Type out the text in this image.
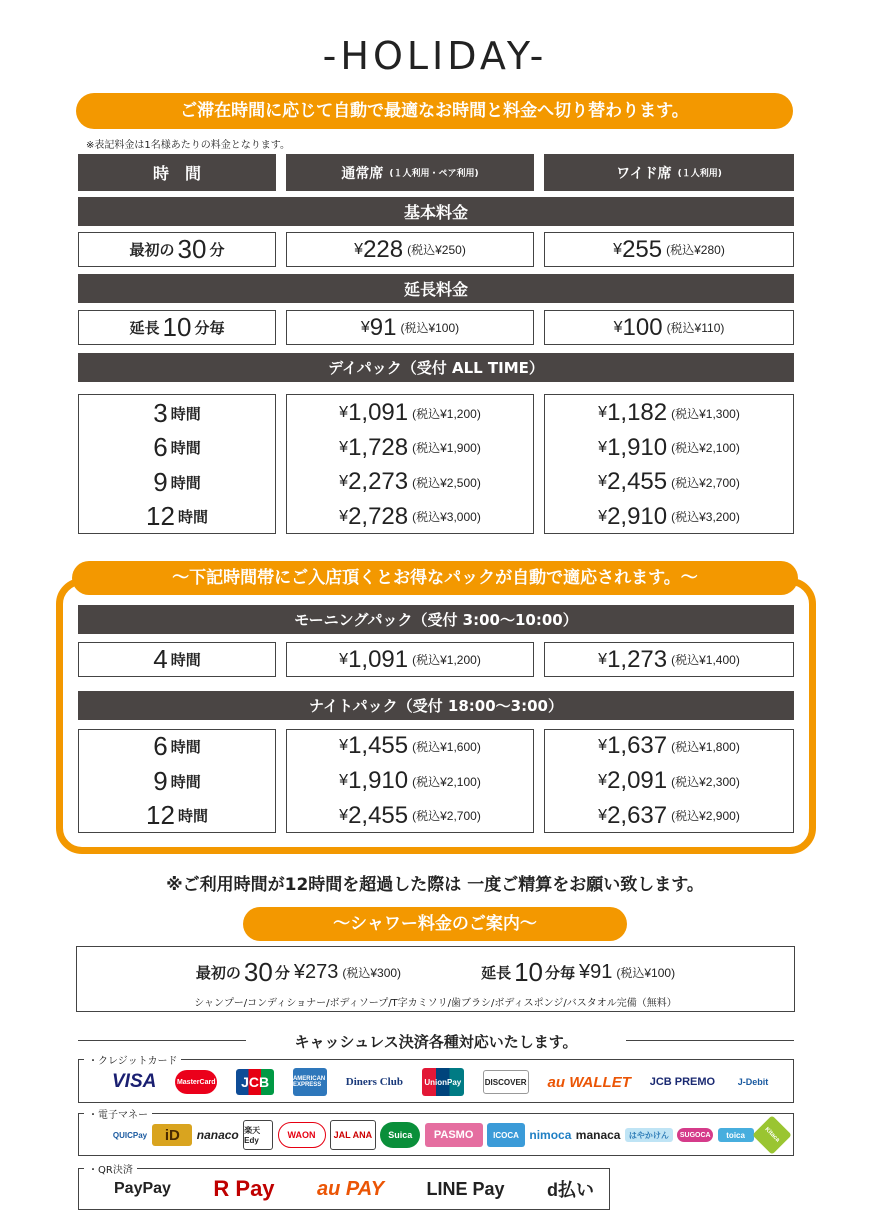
-HOLIDAY-
ご滞在時間に応じて自動で最適なお時間と料金へ切り替わります。
※表記料金は1名様あたりの料金となります。
時　間	通常席 (１人利用・ペア利用)	ワイド席 (１人利用)
基本料金
最初の 30 分	¥ 228 (税込¥250)	¥ 255 (税込¥280)
延長料金
延長 10 分毎	¥ 91 (税込¥100)	¥ 100 (税込¥110)
デイパック（受付 ALL TIME）
3 時間	¥ 1,091 (税込¥1,200)	¥ 1,182 (税込¥1,300)
6 時間	¥ 1,728 (税込¥1,900)	¥ 1,910 (税込¥2,100)
9 時間	¥ 2,273 (税込¥2,500)	¥ 2,455 (税込¥2,700)
12 時間	¥ 2,728 (税込¥3,000)	¥ 2,910 (税込¥3,200)
～下記時間帯にご入店頂くとお得なパックが自動で適応されます。～
モーニングパック（受付 3:00～10:00）
4 時間	¥ 1,091 (税込¥1,200)	¥ 1,273 (税込¥1,400)
ナイトパック（受付 18:00～3:00）
6 時間	¥ 1,455 (税込¥1,600)	¥ 1,637 (税込¥1,800)
9 時間	¥ 1,910 (税込¥2,100)	¥ 2,091 (税込¥2,300)
12 時間	¥ 2,455 (税込¥2,700)	¥ 2,637 (税込¥2,900)
※ご利用時間が12時間を超過した際は 一度ご精算をお願い致します。
～シャワー料金のご案内～
最初の 30 分 ¥273 (税込¥300)	延長 10 分毎 ¥91 (税込¥100)
シャンプー/コンディショナー/ボディソープ/T字カミソリ/歯ブラシ/ボディスポンジ/バスタオル完備（無料）
キャッシュレス決済各種対応いたします。
・クレジットカード
VISA	MasterCard	JCB	AMERICAN EXPRESS	Diners Club	UnionPay	DISCOVER au WALLET JCB PREMO	J-Debit
・電子マネー
QUICPay	iD	nanaco 楽天Edy
WAON	JAL ANA	Suica	PASMO	ICOCA nimoca manaca	はやかけん	SUGOCA	toica	Kitaca
・QR決済
PayPay R Pay au PAY LINE Pay d払い
